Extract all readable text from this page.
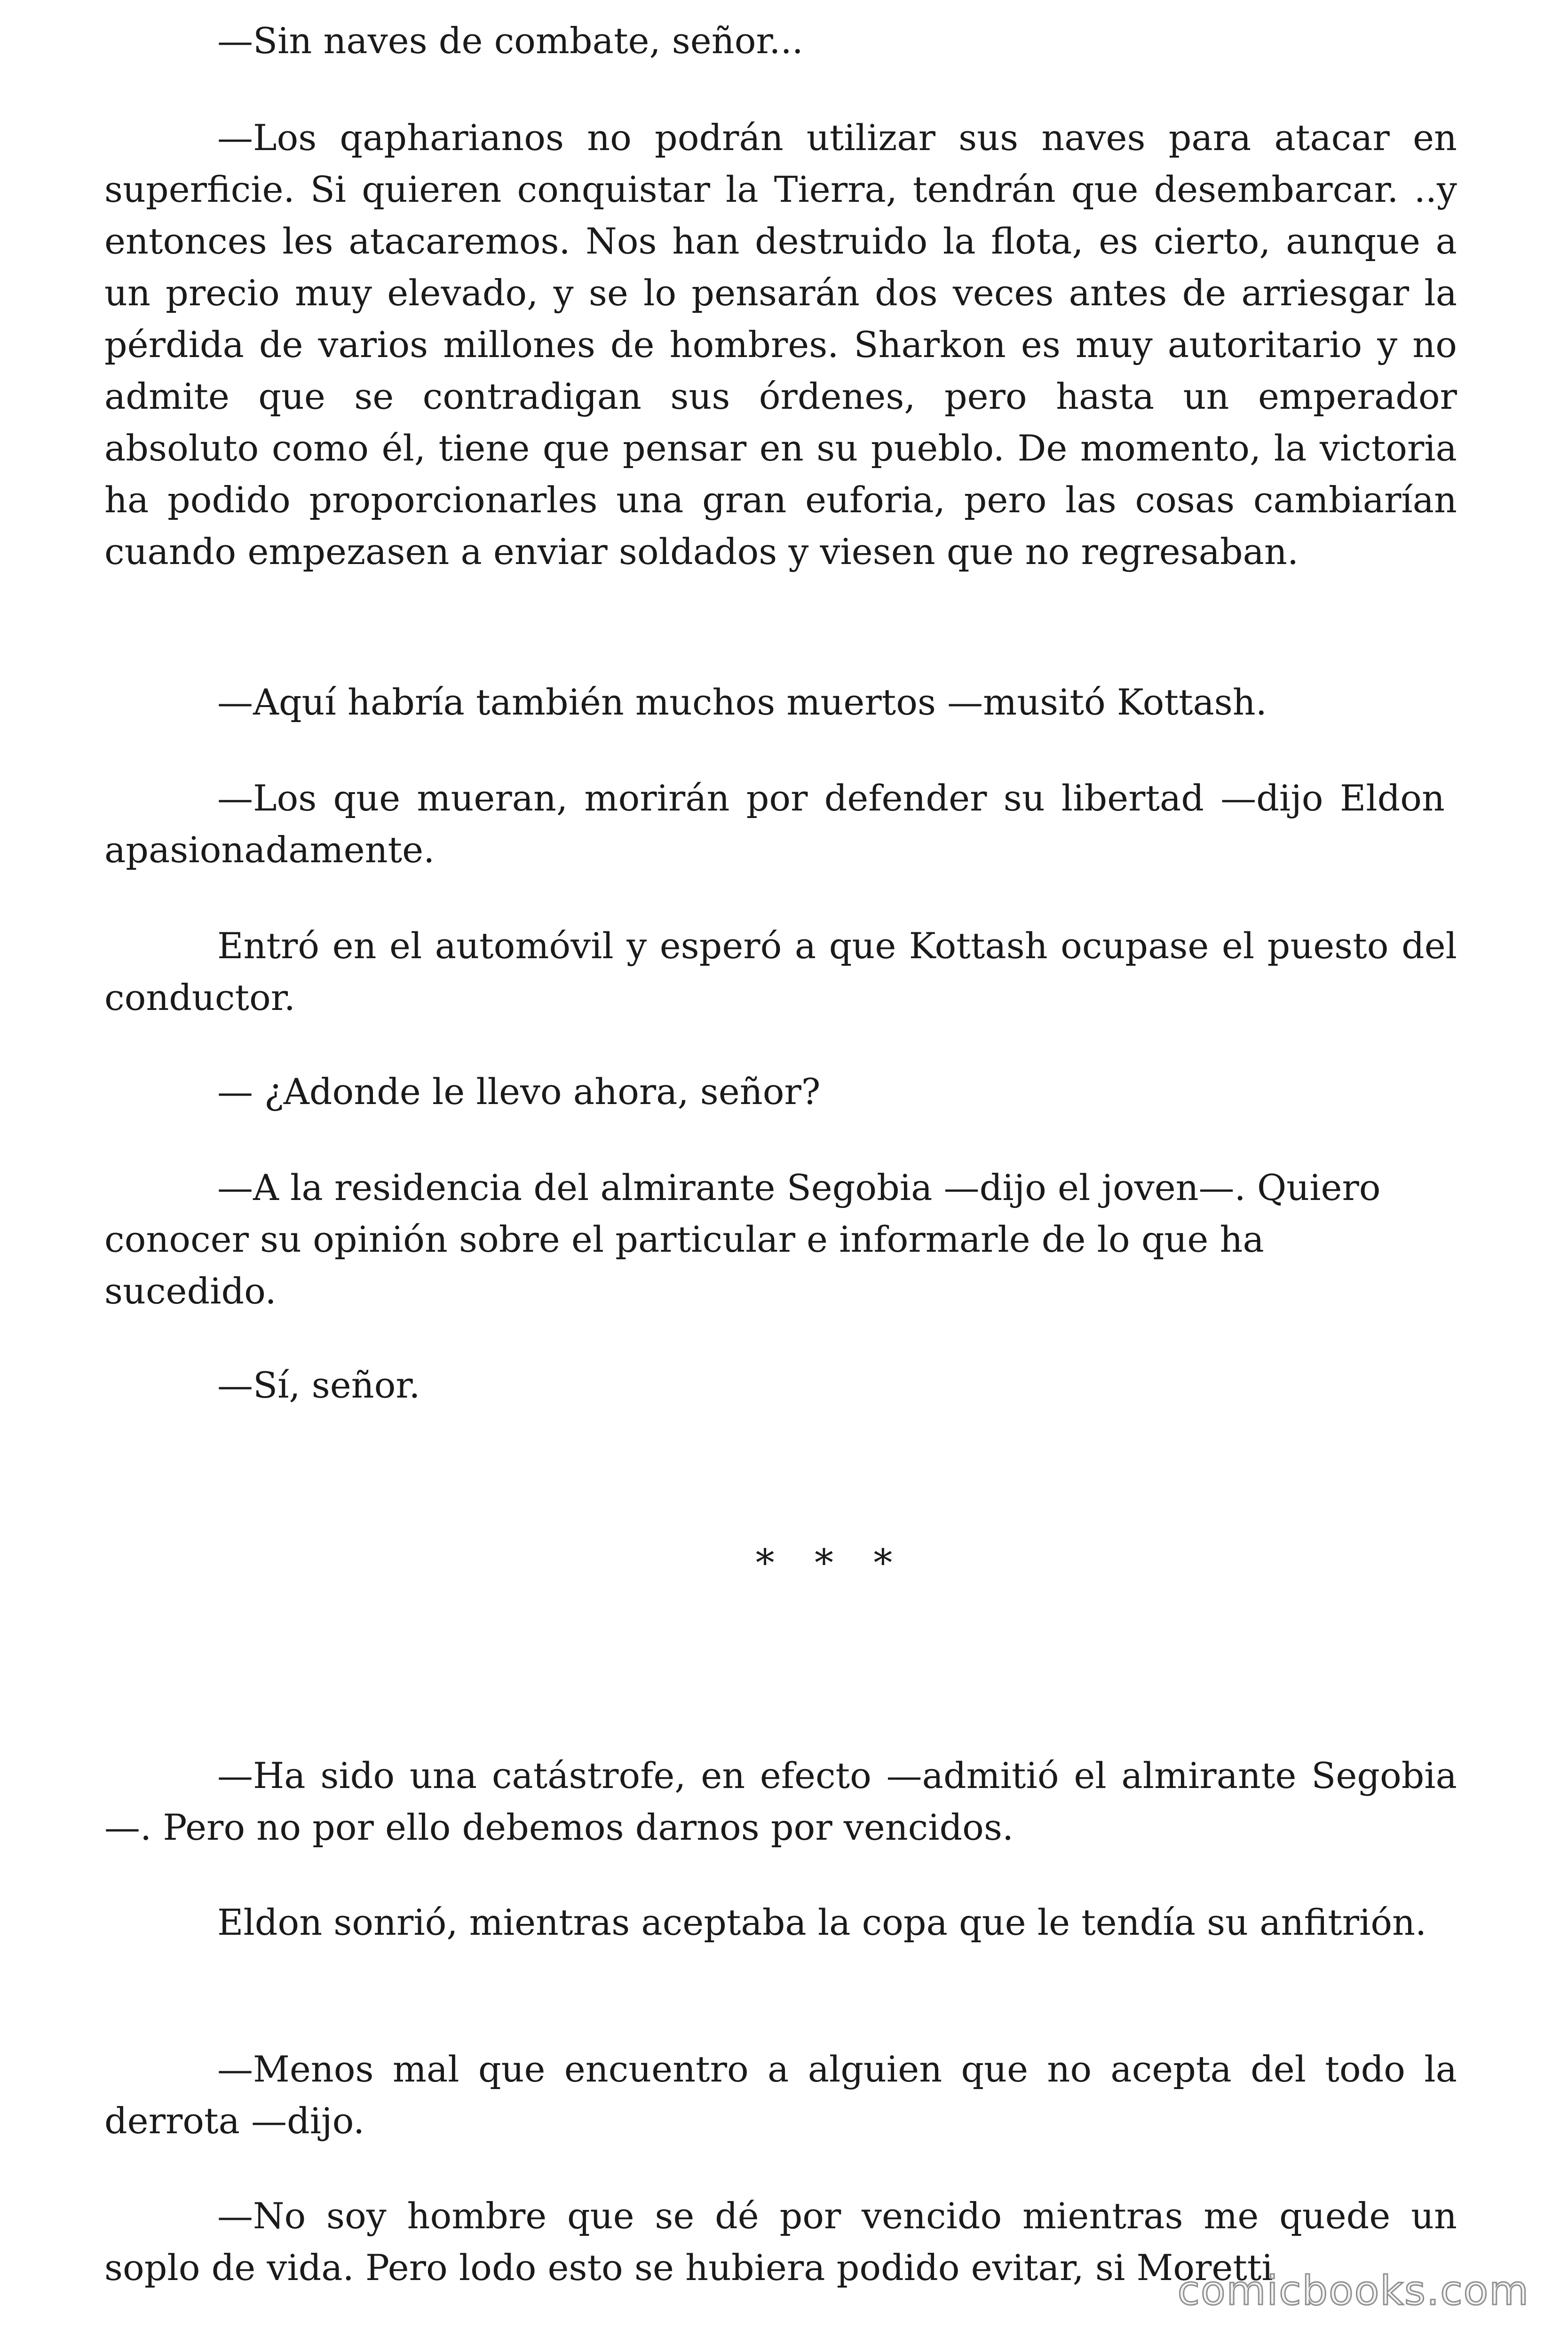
—Sin naves de combate, señor...

—Los qapharianos no podrán utilizar sus naves para atacar en superficie. Si quieren conquistar la Tierra, tendrán que desembarcar. ..y entonces les atacaremos. Nos han destruido la flota, es cierto, aunque a un precio muy elevado, y se lo pensarán dos veces antes de arriesgar la pérdida de varios millones de hombres. Sharkon es muy autoritario y no admite que se contradigan sus órdenes, pero hasta un emperador absoluto como él, tiene que pensar en su pueblo. De momento, la victoria ha podido proporcionarles una gran euforia, pero las cosas cambiarían cuando empezasen a enviar soldados y viesen que no regresaban.

—Aquí habría también muchos muertos —musitó Kottash.

—Los que mueran, morirán por defender su libertad —dijo Eldon apasionadamente.

Entró en el automóvil y esperó a que Kottash ocupase el puesto del conductor.

— ¿Adonde le llevo ahora, señor?

—A la residencia del almirante Segobia —dijo el joven—. Quiero conocer su opinión sobre el particular e informarle de lo que ha sucedido.

—Sí, señor.

* * *

—Ha sido una catástrofe, en efecto —admitió el almirante Segobia—. Pero no por ello debemos darnos por vencidos.

Eldon sonrió, mientras aceptaba la copa que le tendía su anfitrión.

—Menos mal que encuentro a alguien que no acepta del todo la derrota —dijo.

—No soy hombre que se dé por vencido mientras me quede un soplo de vida. Pero lodo esto se hubiera podido evitar, si Moretti

comicbooks.com
